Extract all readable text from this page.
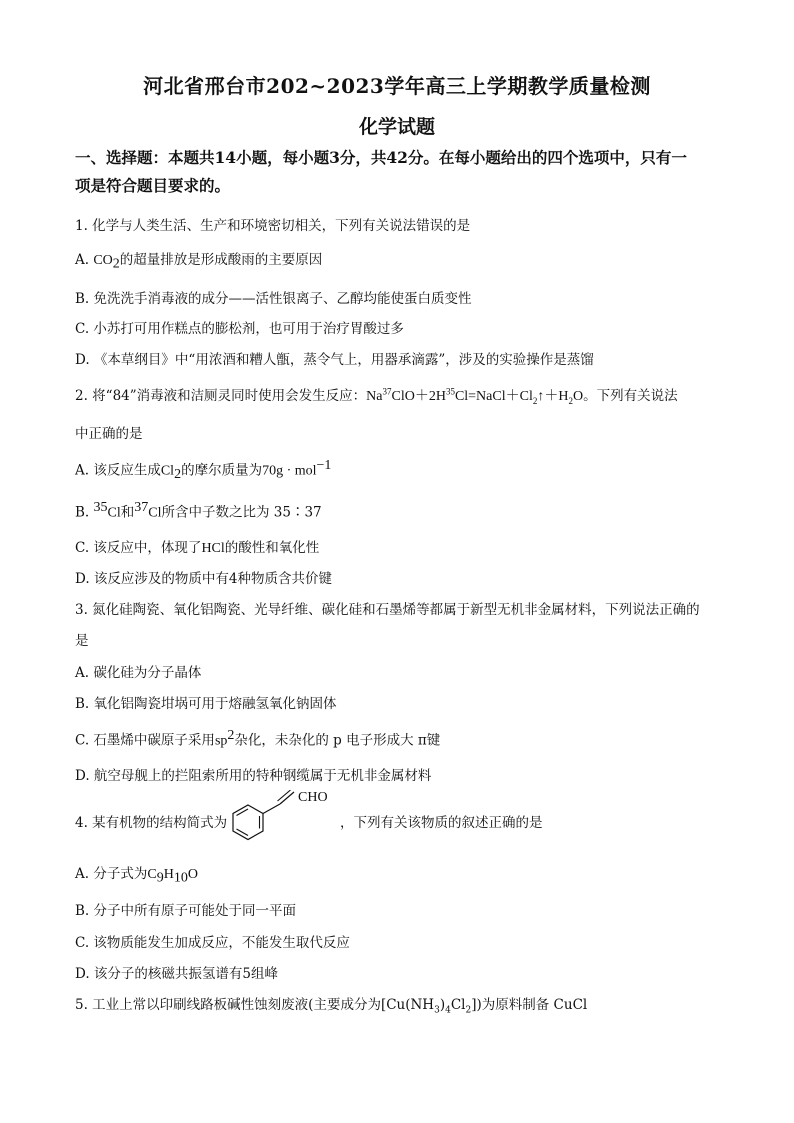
河北省邢台市202~2023学年高三上学期教学质量检测
化学试题
一、选择题：本题共14小题，每小题3分，共42分。在每小题给出的四个选项中，只有一
项是符合题目要求的。
1. 化学与人类生活、生产和环境密切相关，下列有关说法错误的是
A. $CO_2$的超量排放是形成酸雨的主要原因
B. 免洗洗手消毒液的成分——活性银离子、乙醇均能使蛋白质变性
C. 小苏打可用作糕点的膨松剂，也可用于治疗胃酸过多
D. 《本草纲目》中“用浓酒和糟人甑，蒸令气上，用器承滴露”，涉及的实验操作是蒸馏
2. 将“84”消毒液和洁厕灵同时使用会发生反应：$Na^{37}ClO+2H^{35}Cl=NaCl+Cl_2↑+H_2O$。下列有关说法
中正确的是
A. 该反应生成$Cl_2$的摩尔质量为70g · mol$^{-1}$
B. $^{35}$Cl和$^{37}$Cl所含中子数之比为 35∶37
C. 该反应中，体现了HCl的酸性和氧化性
D. 该反应涉及的物质中有4种物质含共价键
3. 氮化硅陶瓷、氧化铝陶瓷、光导纤维、碳化硅和石墨烯等都属于新型无机非金属材料，下列说法正确的
是
A. 碳化硅为分子晶体
B. 氧化铝陶瓷坩埚可用于熔融氢氧化钠固体
C. 石墨烯中碳原子采用$sp^2$杂化，未杂化的 p 电子形成大 π键
D. 航空母舰上的拦阻索所用的特种钢缆属于无机非金属材料
4. 某有机物的结构简式为
CHO
，下列有关该物质的叙述正确的是
A. 分子式为$C_9H_{10}O$
B. 分子中所有原子可能处于同一平面
C. 该物质能发生加成反应，不能发生取代反应
D. 该分子的核磁共振氢谱有5组峰
5. 工业上常以印刷线路板碱性蚀刻废液(主要成分为$[Cu(NH_3)_4Cl_2]$)为原料制备 CuCl
